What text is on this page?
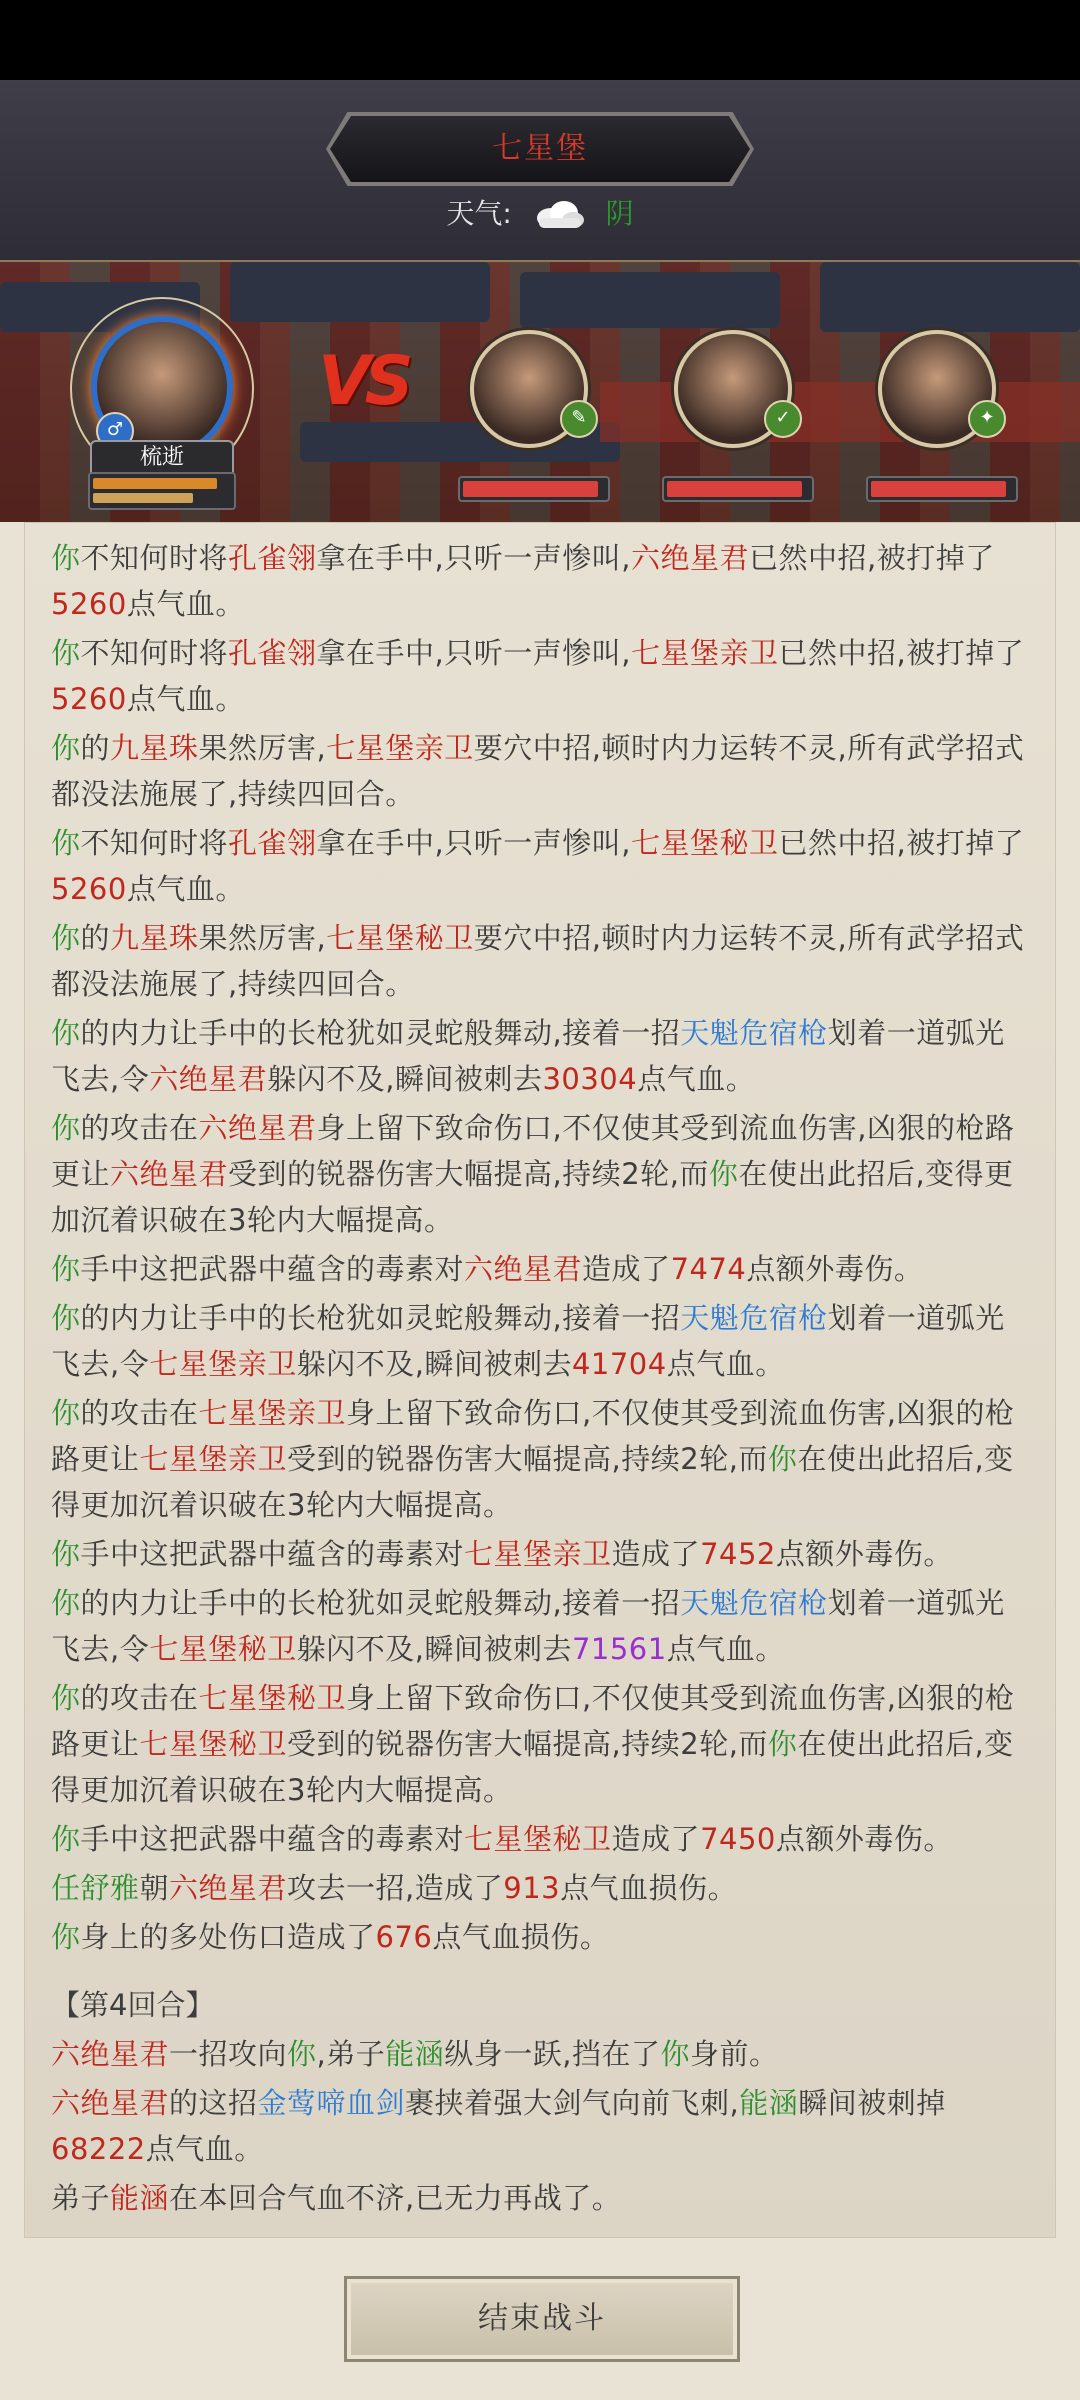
七星堡
天气:	阴
♂
梳逝
VS	✎	✓	✦
你不知何时将孔雀翎拿在手中,只听一声惨叫,六绝星君已然中招,被打掉了5260点气血。
你不知何时将孔雀翎拿在手中,只听一声惨叫,七星堡亲卫已然中招,被打掉了5260点气血。
你的九星珠果然厉害,七星堡亲卫要穴中招,顿时内力运转不灵,所有武学招式都没法施展了,持续四回合。
你不知何时将孔雀翎拿在手中,只听一声惨叫,七星堡秘卫已然中招,被打掉了5260点气血。
你的九星珠果然厉害,七星堡秘卫要穴中招,顿时内力运转不灵,所有武学招式都没法施展了,持续四回合。
你的内力让手中的长枪犹如灵蛇般舞动,接着一招天魁危宿枪划着一道弧光飞去,令六绝星君躲闪不及,瞬间被刺去30304点气血。
你的攻击在六绝星君身上留下致命伤口,不仅使其受到流血伤害,凶狠的枪路更让六绝星君受到的锐器伤害大幅提高,持续2轮,而你在使出此招后,变得更加沉着识破在3轮内大幅提高。
你手中这把武器中蕴含的毒素对六绝星君造成了7474点额外毒伤。
你的内力让手中的长枪犹如灵蛇般舞动,接着一招天魁危宿枪划着一道弧光飞去,令七星堡亲卫躲闪不及,瞬间被刺去41704点气血。
你的攻击在七星堡亲卫身上留下致命伤口,不仅使其受到流血伤害,凶狠的枪路更让七星堡亲卫受到的锐器伤害大幅提高,持续2轮,而你在使出此招后,变得更加沉着识破在3轮内大幅提高。
你手中这把武器中蕴含的毒素对七星堡亲卫造成了7452点额外毒伤。
你的内力让手中的长枪犹如灵蛇般舞动,接着一招天魁危宿枪划着一道弧光飞去,令七星堡秘卫躲闪不及,瞬间被刺去71561点气血。
你的攻击在七星堡秘卫身上留下致命伤口,不仅使其受到流血伤害,凶狠的枪路更让七星堡秘卫受到的锐器伤害大幅提高,持续2轮,而你在使出此招后,变得更加沉着识破在3轮内大幅提高。
你手中这把武器中蕴含的毒素对七星堡秘卫造成了7450点额外毒伤。
任舒雅朝六绝星君攻去一招,造成了913点气血损伤。
你身上的多处伤口造成了676点气血损伤。
【第4回合】
六绝星君一招攻向你,弟子能涵纵身一跃,挡在了你身前。
六绝星君的这招金莺啼血剑裹挟着强大剑气向前飞刺,能涵瞬间被刺掉68222点气血。
弟子能涵在本回合气血不济,已无力再战了。
结束战斗
